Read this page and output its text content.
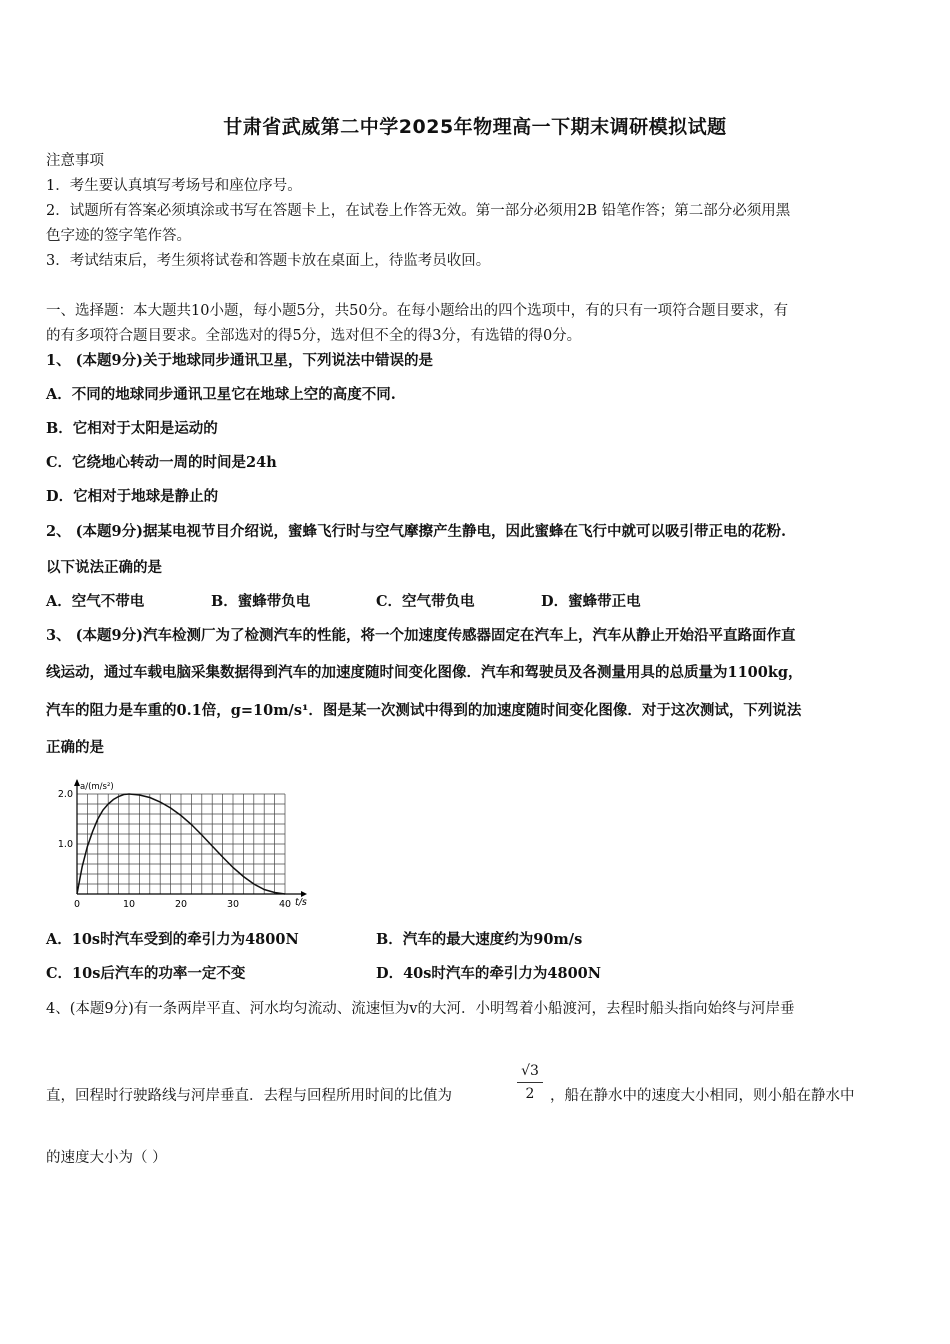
甘肃省武威第二中学2025年物理高一下期末调研模拟试题
注意事项
1．考生要认真填写考场号和座位序号。
2．试题所有答案必须填涂或书写在答题卡上，在试卷上作答无效。第一部分必须用2B 铅笔作答；第二部分必须用黑
色字迹的签字笔作答。
3．考试结束后，考生须将试卷和答题卡放在桌面上，待监考员收回。
一、选择题：本大题共10小题，每小题5分，共50分。在每小题给出的四个选项中，有的只有一项符合题目要求，有
的有多项符合题目要求。全部选对的得5分，选对但不全的得3分，有选错的得0分。
1、 (本题9分)关于地球同步通讯卫星，下列说法中错误的是
A．不同的地球同步通讯卫星它在地球上空的高度不同.
B．它相对于太阳是运动的
C．它绕地心转动一周的时间是24h
D．它相对于地球是静止的
2、 (本题9分)据某电视节目介绍说，蜜蜂飞行时与空气摩擦产生静电，因此蜜蜂在飞行中就可以吸引带正电的花粉.
以下说法正确的是
A．空气不带电	B．蜜蜂带负电	C．空气带负电	D．蜜蜂带正电
3、 (本题9分)汽车检测厂为了检测汽车的性能，将一个加速度传感器固定在汽车上，汽车从静止开始沿平直路面作直
线运动，通过车载电脑采集数据得到汽车的加速度随时间变化图像．汽车和驾驶员及各测量用具的总质量为1100kg，
汽车的阻力是车重的0.1倍，g=10m/s¹．图是某一次测试中得到的加速度随时间变化图像．对于这次测试，下列说法
正确的是
0	10	20	30	40
1.0
2.0
a/(m/s²)
t/s
A．10s时汽车受到的牵引力为4800N	B．汽车的最大速度约为90m/s
C．10s后汽车的功率一定不变	D．40s时汽车的牵引力为4800N
4、(本题9分)有一条两岸平直、河水均匀流动、流速恒为v的大河．小明驾着小船渡河，去程时船头指向始终与河岸垂
直，回程时行驶路线与河岸垂直．去程与回程所用时间的比值为
√3
2	，船在静水中的速度大小相同，则小船在静水中
的速度大小为（ ）
